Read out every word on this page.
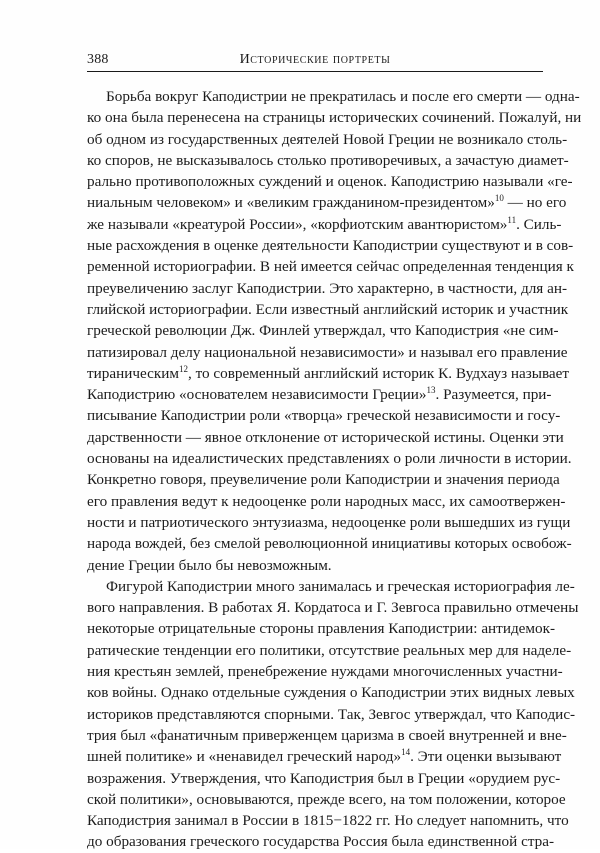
388	Исторические портреты
Борьба вокруг Каподистрии не прекратилась и после его смерти — одна-
ко она была перенесена на страницы исторических сочинений. Пожалуй, ни
об одном из государственных деятелей Новой Греции не возникало столь-
ко споров, не высказывалось столько противоречивых, а зачастую диамет-
рально противоположных суждений и оценок. Каподистрию называли «ге-
ниальным человеком» и «великим гражданином-президентом»$^{10}$ — но его
же называли «креатурой России», «корфиотским авантюристом»$^{11}$. Силь-
ные расхождения в оценке деятельности Каподистрии существуют и в сов-
ременной историографии. В ней имеется сейчас определенная тенденция к
преувеличению заслуг Каподистрии. Это характерно, в частности, для ан-
глийской историографии. Если известный английский историк и участник
греческой революции Дж. Финлей утверждал, что Каподистрия «не сим-
патизировал делу национальной независимости» и называл его правление
тираническим$^{12}$, то современный английский историк К. Вудхауз называет
Каподистрию «основателем независимости Греции»$^{13}$. Разумеется, при-
писывание Каподистрии роли «творца» греческой независимости и госу-
дарственности — явное отклонение от исторической истины. Оценки эти
основаны на идеалистических представлениях о роли личности в истории.
Конкретно говоря, преувеличение роли Каподистрии и значения периода
его правления ведут к недооценке роли народных масс, их самоотвержен-
ности и патриотического энтузиазма, недооценке роли вышедших из гущи
народа вождей, без смелой революционной инициативы которых освобож-
дение Греции было бы невозможным.
Фигурой Каподистрии много занималась и греческая историография ле-
вого направления. В работах Я. Кордатоса и Г. Зевгоса правильно отмечены
некоторые отрицательные стороны правления Каподистрии: антидемок-
ратические тенденции его политики, отсутствие реальных мер для наделе-
ния крестьян землей, пренебрежение нуждами многочисленных участни-
ков войны. Однако отдельные суждения о Каподистрии этих видных левых
историков представляются спорными. Так, Зевгос утверждал, что Каподис-
трия был «фанатичным приверженцем царизма в своей внутренней и вне-
шней политике» и «ненавидел греческий народ»$^{14}$. Эти оценки вызывают
возражения. Утверждения, что Каподистрия был в Греции «орудием рус-
ской политики», основываются, прежде всего, на том положении, которое
Каподистрия занимал в России в 1815−1822 гг. Но следует напомнить, что
до образования греческого государства Россия была единственной стра-
